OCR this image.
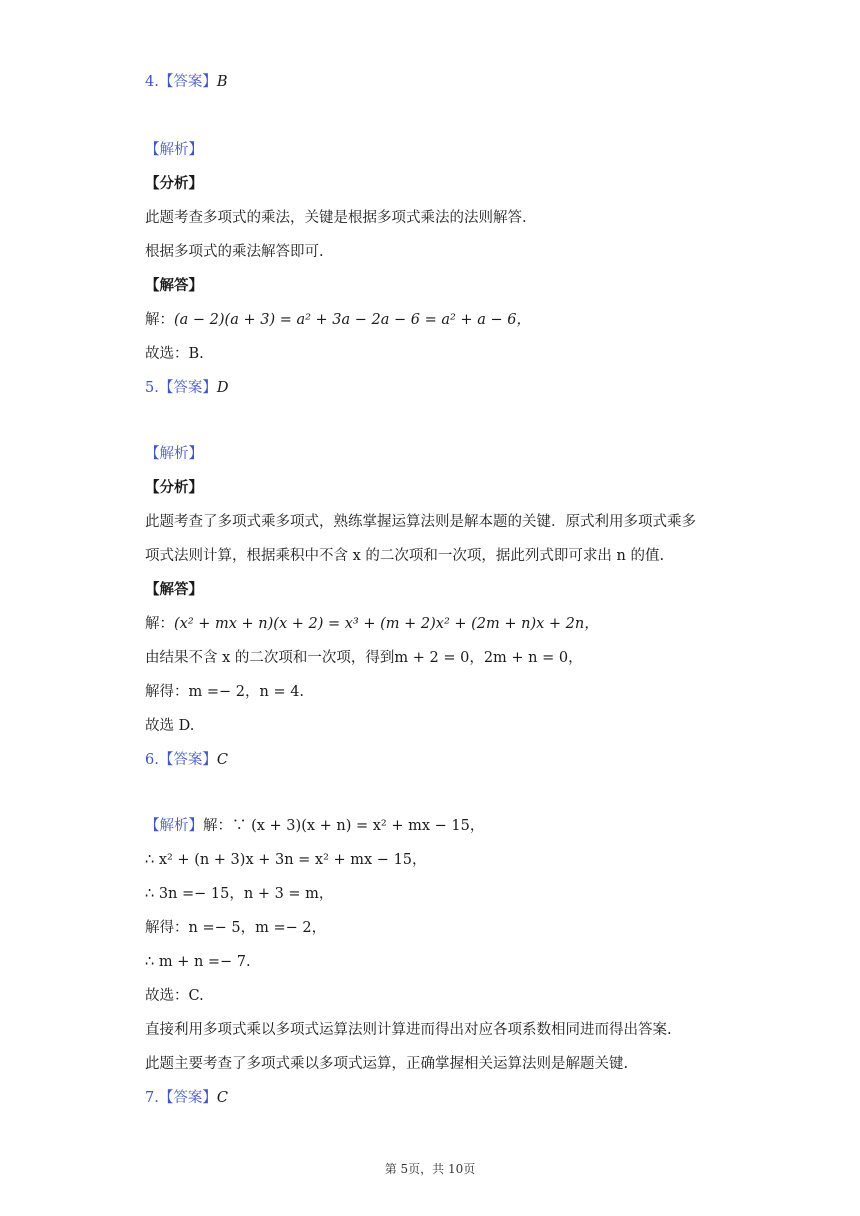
4.【答案】B
【解析】
【分析】
此题考查多项式的乘法，关键是根据多项式乘法的法则解答.
根据多项式的乘法解答即可.
【解答】
解：(a − 2)(a + 3) = a² + 3a − 2a − 6 = a² + a − 6，
故选：B.
5.【答案】D
【解析】
【分析】
此题考查了多项式乘多项式，熟练掌握运算法则是解本题的关键．原式利用多项式乘多
项式法则计算，根据乘积中不含 x 的二次项和一次项，据此列式即可求出 n 的值.
【解答】
解：(x² + mx + n)(x + 2) = x³ + (m + 2)x² + (2m + n)x + 2n，
由结果不含 x 的二次项和一次项，得到m + 2 = 0，2m + n = 0，
解得：m =− 2，n = 4.
故选 D.
6.【答案】C
【解析】解：∵ (x + 3)(x + n) = x² + mx − 15，
∴ x² + (n + 3)x + 3n = x² + mx − 15，
∴ 3n =− 15，n + 3 = m，
解得：n =− 5，m =− 2，
∴ m + n =− 7.
故选：C.
直接利用多项式乘以多项式运算法则计算进而得出对应各项系数相同进而得出答案.
此题主要考查了多项式乘以多项式运算，正确掌握相关运算法则是解题关键.
7.【答案】C
第 5页，共 10页
